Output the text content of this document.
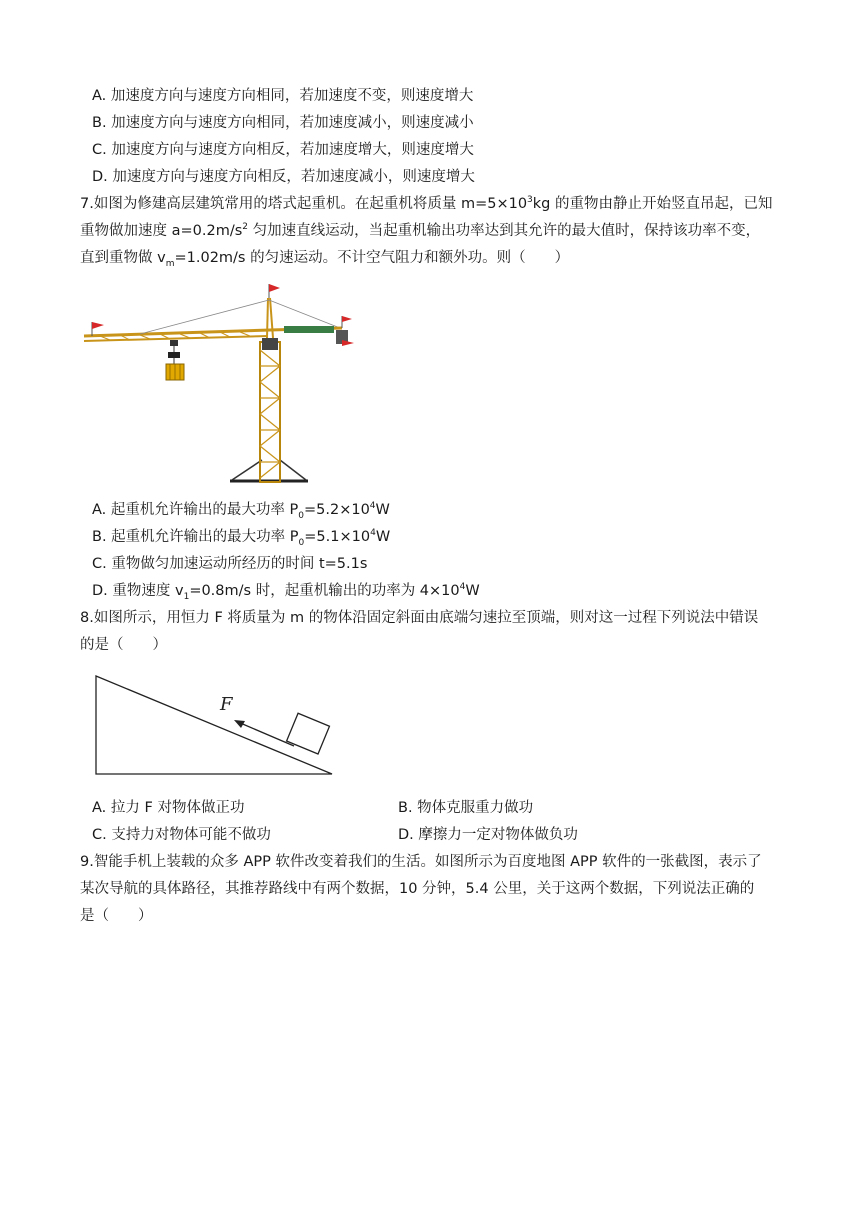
A. 加速度方向与速度方向相同，若加速度不变，则速度增大
B. 加速度方向与速度方向相同，若加速度减小，则速度减小
C. 加速度方向与速度方向相反，若加速度增大，则速度增大
D. 加速度方向与速度方向相反，若加速度减小，则速度增大
7.如图为修建高层建筑常用的塔式起重机。在起重机将质量 $m=5\times 10^3kg$ 的重物由静止开始竖直吊起，已知
重物做加速度 $a=0.2m/s^2$ 匀加速直线运动，当起重机输出功率达到其允许的最大值时，保持该功率不变，
直到重物做 $v_m=1.02m/s$ 的匀速运动。不计空气阻力和额外功。则（　　）
A. 起重机允许输出的最大功率 $P_0=5.2\times 10^4W$
B. 起重机允许输出的最大功率 $P_0=5.1\times 10^4W$
C. 重物做匀加速运动所经历的时间 t=5.1s
D. 重物速度 $v_1=0.8m/s$ 时，起重机输出的功率为 $4\times 10^4W$
8.如图所示，用恒力 F 将质量为 m 的物体沿固定斜面由底端匀速拉至顶端，则对这一过程下列说法中错误
的是（　　）
F
A. 拉力 F 对物体做正功	B. 物体克服重力做功
C. 支持力对物体可能不做功	D. 摩擦力一定对物体做负功
9.智能手机上装载的众多 APP 软件改变着我们的生活。如图所示为百度地图 APP 软件的一张截图，表示了
某次导航的具体路径，其推荐路线中有两个数据，10 分钟，5.4 公里，关于这两个数据，下列说法正确的
是（　　）
